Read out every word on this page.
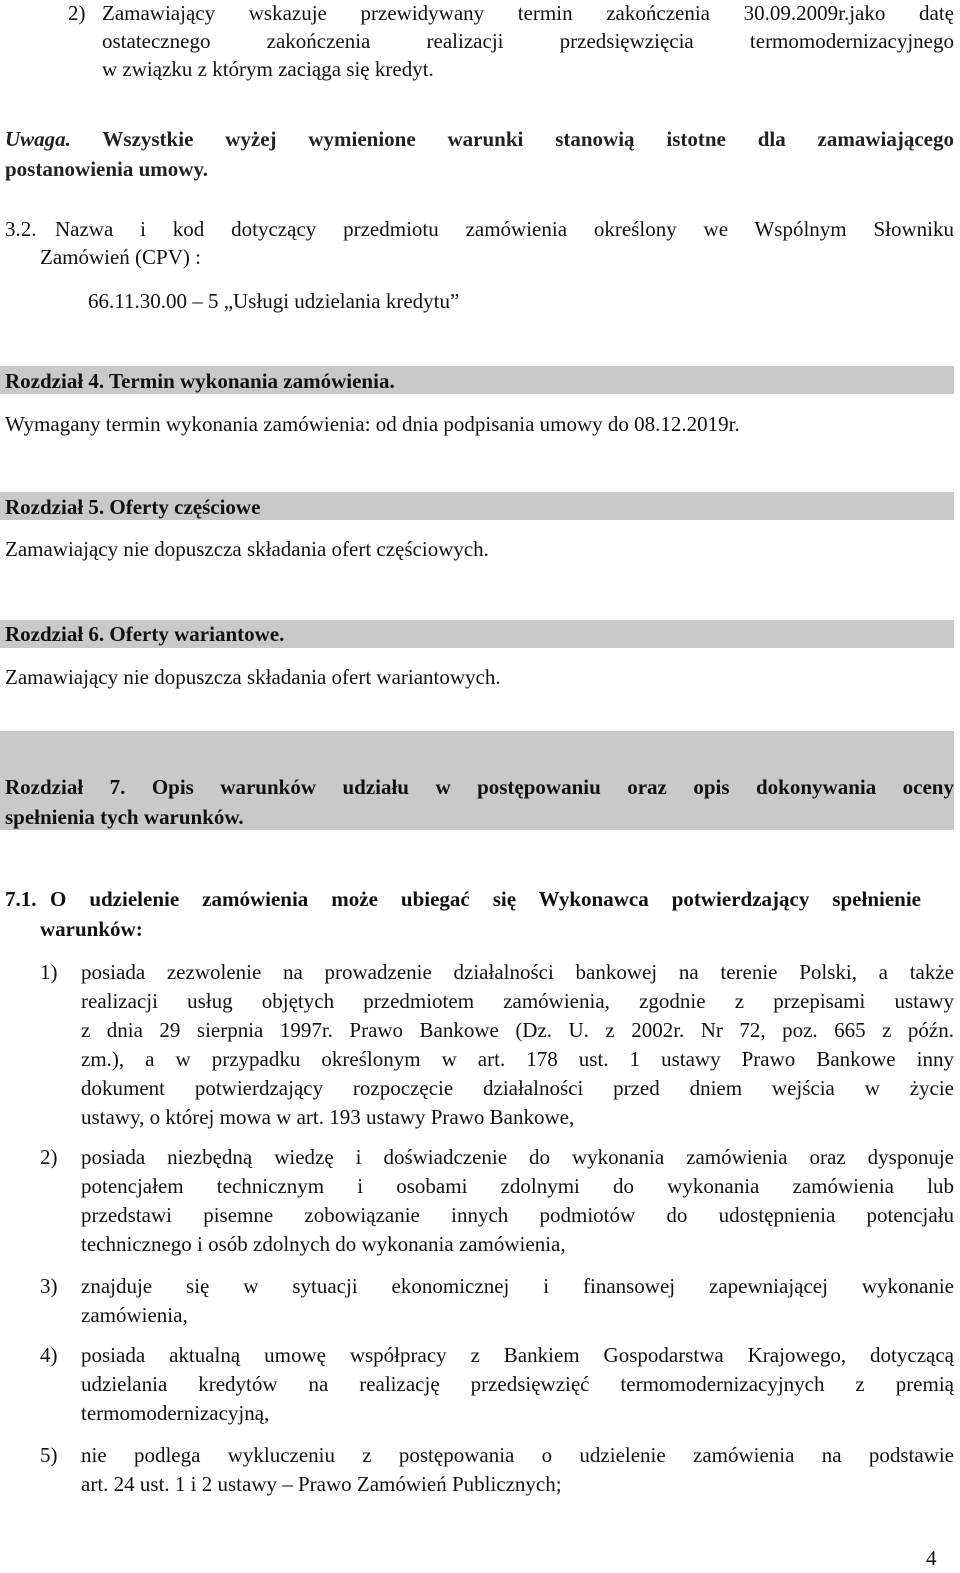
2) Zamawiający wskazuje przewidywany termin zakończenia 30.09.2009r.jako datę
ostatecznego zakończenia realizacji przedsięwzięcia termomodernizacyjnego
w związku z którym zaciąga się kredyt.
Uwaga. Wszystkie wyżej wymienione warunki stanowią istotne dla zamawiającego
postanowienia umowy.
3.2. Nazwa i kod dotyczący przedmiotu zamówienia określony we Wspólnym Słowniku
Zamówień (CPV) :
66.11.30.00 – 5 „Usługi udzielania kredytu”
Rozdział 4. Termin wykonania zamówienia.
Wymagany termin wykonania zamówienia: od dnia podpisania umowy do 08.12.2019r.
Rozdział 5. Oferty częściowe
Zamawiający nie dopuszcza składania ofert częściowych.
Rozdział 6. Oferty wariantowe.
Zamawiający nie dopuszcza składania ofert wariantowych.
Rozdział 7. Opis warunków udziału w postępowaniu oraz opis dokonywania oceny
spełnienia tych warunków.
7.1. O udzielenie zamówienia może ubiegać się Wykonawca potwierdzający spełnienie
warunków:
1) posiada zezwolenie na prowadzenie działalności bankowej na terenie Polski, a także
realizacji usług objętych przedmiotem zamówienia, zgodnie z przepisami ustawy
z dnia 29 sierpnia 1997r. Prawo Bankowe (Dz. U. z 2002r. Nr 72, poz. 665 z późn.
zm.), a w przypadku określonym w art. 178 ust. 1 ustawy Prawo Bankowe inny
dokument potwierdzający rozpoczęcie działalności przed dniem wejścia w życie
ustawy, o której mowa w art. 193 ustawy Prawo Bankowe,
2) posiada niezbędną wiedzę i doświadczenie do wykonania zamówienia oraz dysponuje
potencjałem technicznym i osobami zdolnymi do wykonania zamówienia lub
przedstawi pisemne zobowiązanie innych podmiotów do udostępnienia potencjału
technicznego i osób zdolnych do wykonania zamówienia,
3) znajduje się w sytuacji ekonomicznej i finansowej zapewniającej wykonanie
zamówienia,
4) posiada aktualną umowę współpracy z Bankiem Gospodarstwa Krajowego, dotyczącą
udzielania kredytów na realizację przedsięwzięć termomodernizacyjnych z premią
termomodernizacyjną,
5) nie podlega wykluczeniu z postępowania o udzielenie zamówienia na podstawie
art. 24 ust. 1 i 2 ustawy – Prawo Zamówień Publicznych;
4
